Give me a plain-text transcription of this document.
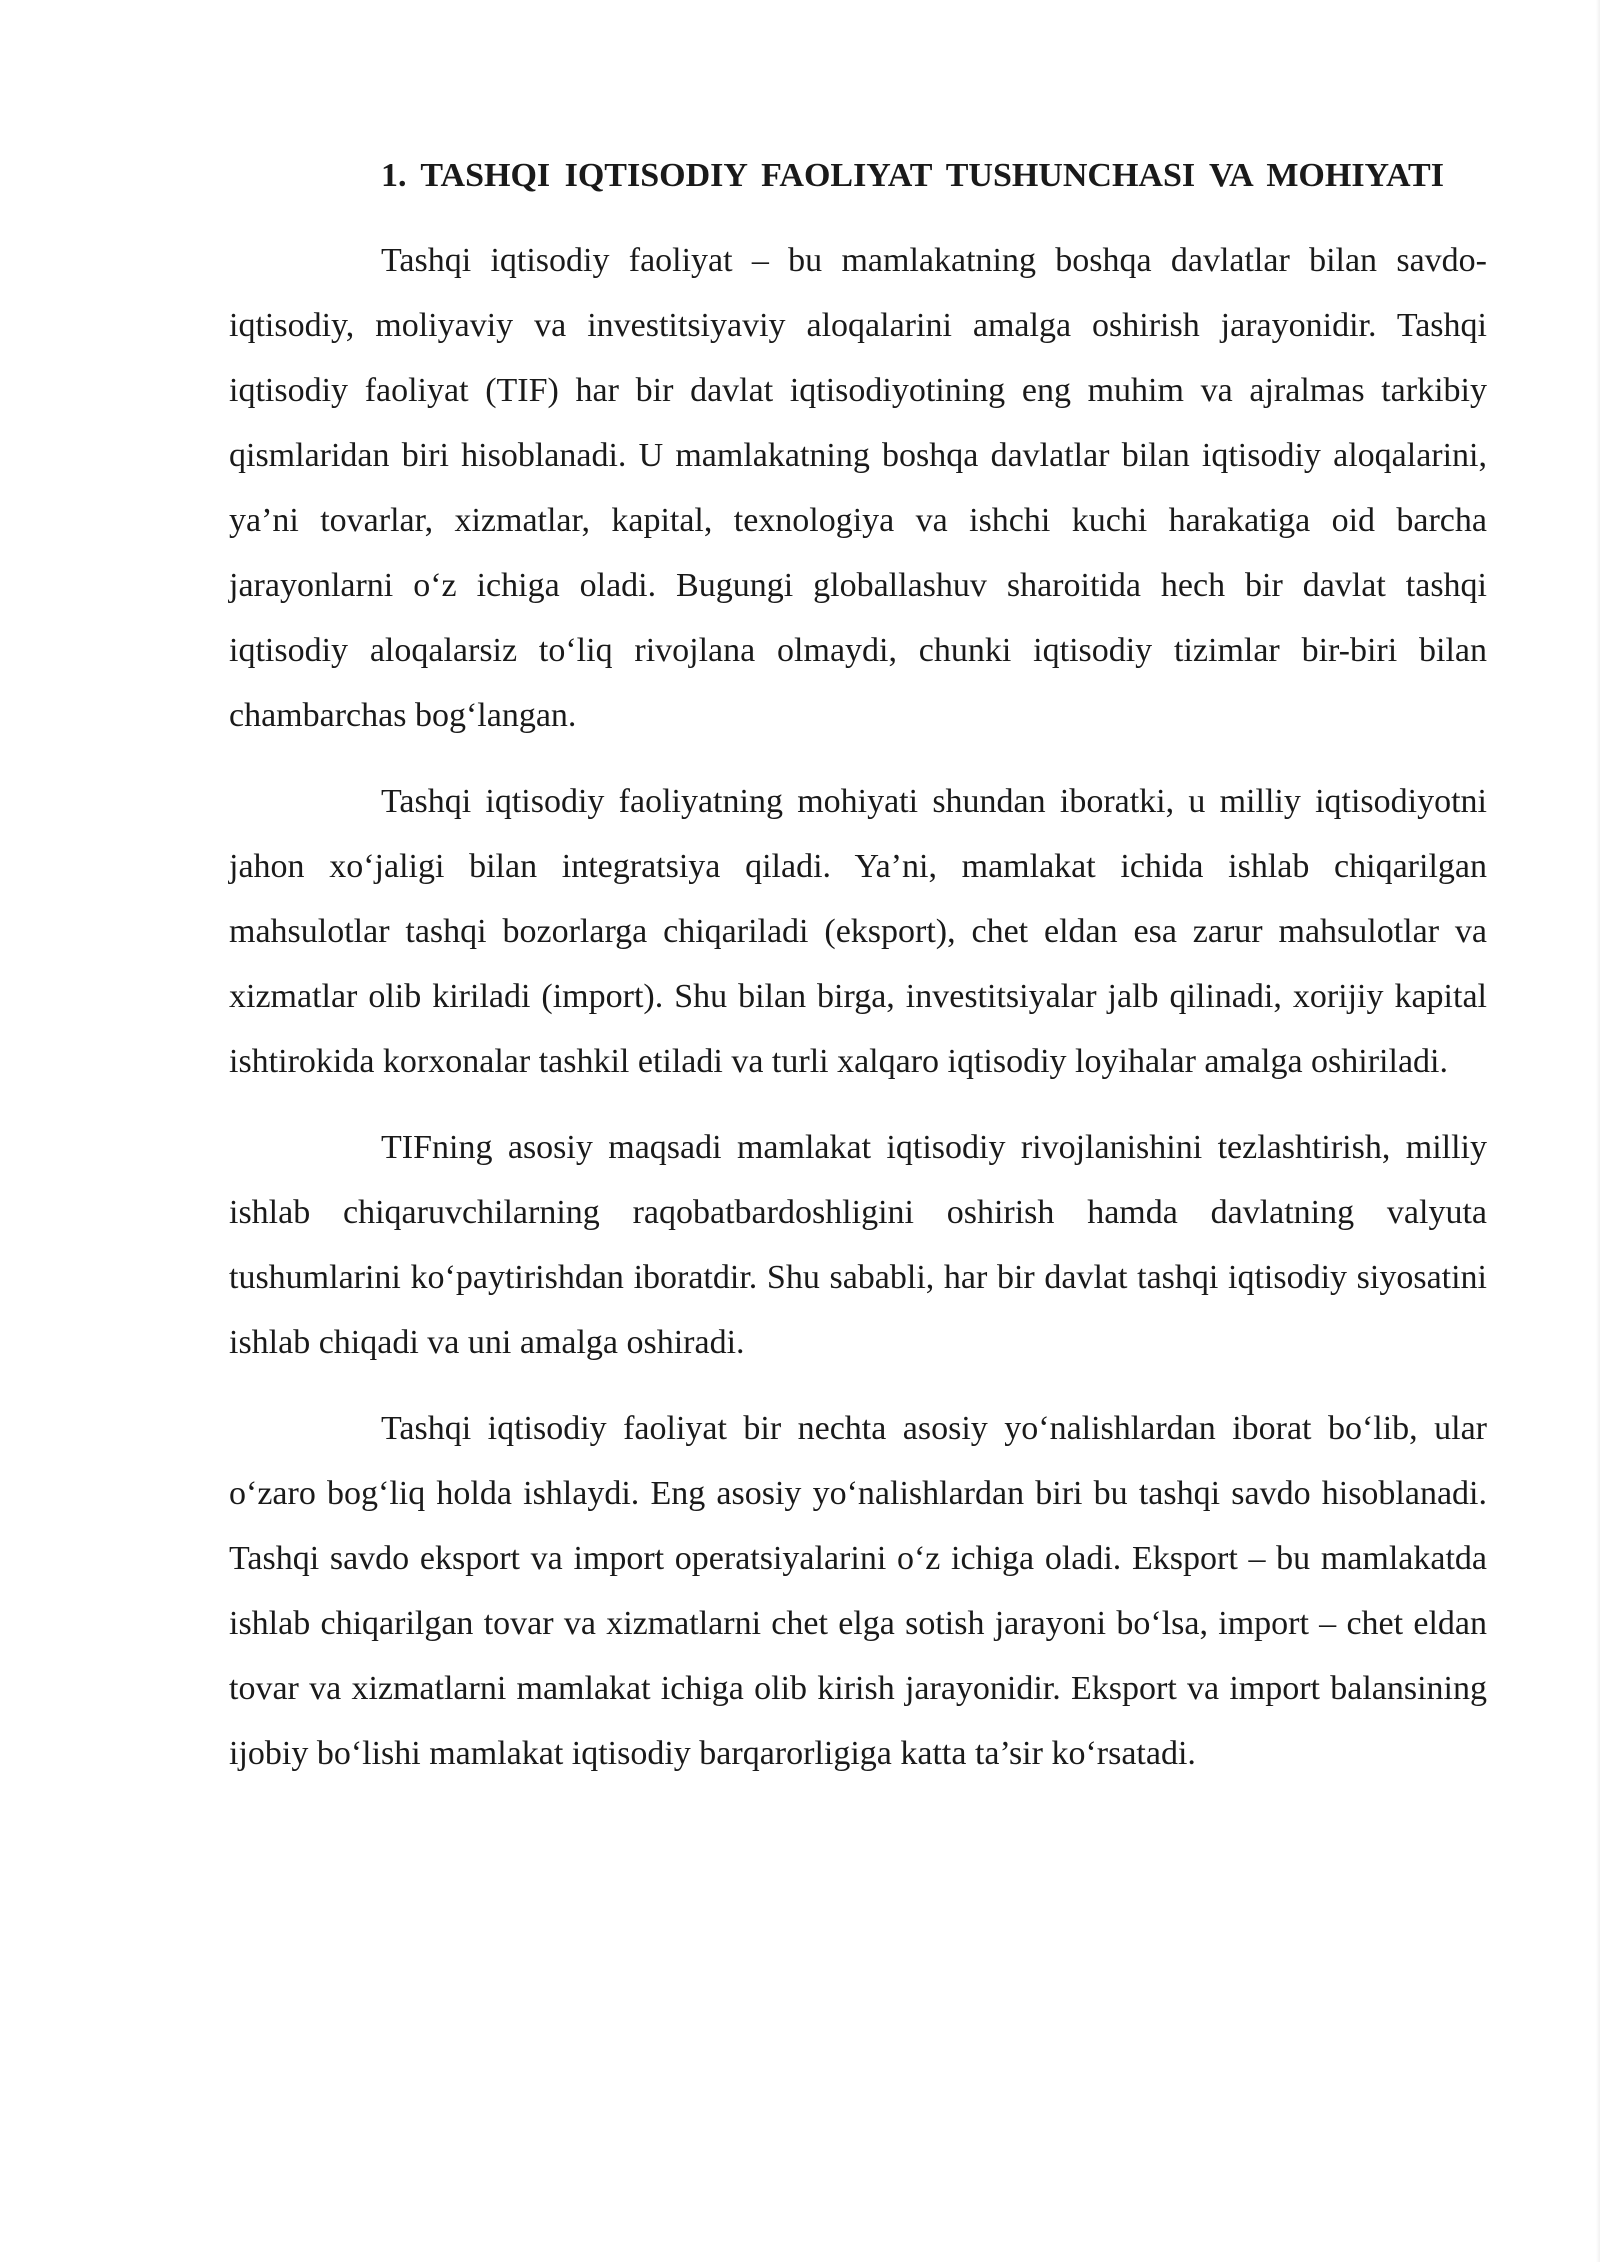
1. TASHQI IQTISODIY FAOLIYAT TUSHUNCHASI VA MOHIYATI

Tashqi iqtisodiy faoliyat – bu mamlakatning boshqa davlatlar bilan savdo-iqtisodiy, moliyaviy va investitsiyaviy aloqalarini amalga oshirish jarayonidir. Tashqi iqtisodiy faoliyat (TIF) har bir davlat iqtisodiyotining eng muhim va ajralmas tarkibiy qismlaridan biri hisoblanadi. U mamlakatning boshqa davlatlar bilan iqtisodiy aloqalarini, ya’ni tovarlar, xizmatlar, kapital, texnologiya va ishchi kuchi harakatiga oid barcha jarayonlarni o‘z ichiga oladi. Bugungi globallashuv sharoitida hech bir davlat tashqi iqtisodiy aloqalarsiz to‘liq rivojlana olmaydi, chunki iqtisodiy tizimlar bir-biri bilan chambarchas bog‘langan.

Tashqi iqtisodiy faoliyatning mohiyati shundan iboratki, u milliy iqtisodiyotni jahon xo‘jaligi bilan integratsiya qiladi. Ya’ni, mamlakat ichida ishlab chiqarilgan mahsulotlar tashqi bozorlarga chiqariladi (eksport), chet eldan esa zarur mahsulotlar va xizmatlar olib kiriladi (import). Shu bilan birga, investitsiyalar jalb qilinadi, xorijiy kapital ishtirokida korxonalar tashkil etiladi va turli xalqaro iqtisodiy loyihalar amalga oshiriladi.

TIFning asosiy maqsadi mamlakat iqtisodiy rivojlanishini tezlashtirish, milliy ishlab chiqaruvchilarning raqobatbardoshligini oshirish hamda davlatning valyuta tushumlarini ko‘paytirishdan iboratdir. Shu sababli, har bir davlat tashqi iqtisodiy siyosatini ishlab chiqadi va uni amalga oshiradi.

Tashqi iqtisodiy faoliyat bir nechta asosiy yo‘nalishlardan iborat bo‘lib, ular o‘zaro bog‘liq holda ishlaydi. Eng asosiy yo‘nalishlardan biri bu tashqi savdo hisoblanadi. Tashqi savdo eksport va import operatsiyalarini o‘z ichiga oladi. Eksport – bu mamlakatda ishlab chiqarilgan tovar va xizmatlarni chet elga sotish jarayoni bo‘lsa, import – chet eldan tovar va xizmatlarni mamlakat ichiga olib kirish jarayonidir. Eksport va import balansining ijobiy bo‘lishi mamlakat iqtisodiy barqarorligiga katta ta’sir ko‘rsatadi.
